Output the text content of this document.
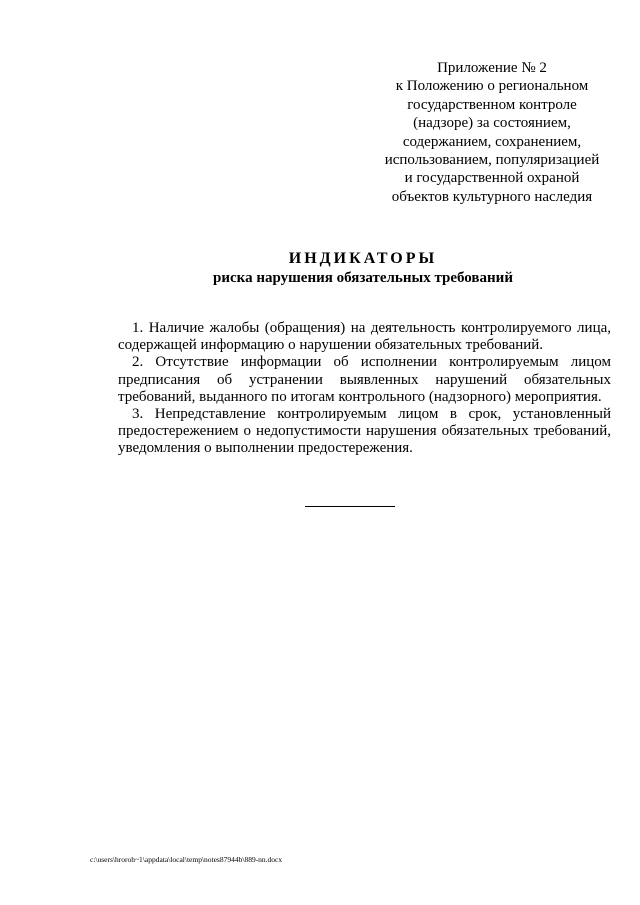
Приложение № 2
к Положению о региональном
государственном контроле
(надзоре) за состоянием,
содержанием, сохранением,
использованием, популяризацией
и государственной охраной
объектов культурного наследия
ИНДИКАТОРЫ
риска нарушения обязательных требований

1. Наличие жалобы (обращения) на деятельность контролируемого лица, содержащей информацию о нарушении обязательных требований.

2. Отсутствие информации об исполнении контролируемым лицом предписания об устранении выявленных нарушений обязательных требований, выданного по итогам контрольного (надзорного) мероприятия.

3. Непредставление контролируемым лицом в срок, установленный предостережением о недопустимости нарушения обязательных требований, уведомления о выполнении предостережения.

c:\users\hroroh~1\appdata\local\temp\notes87944b\889-nn.docx
